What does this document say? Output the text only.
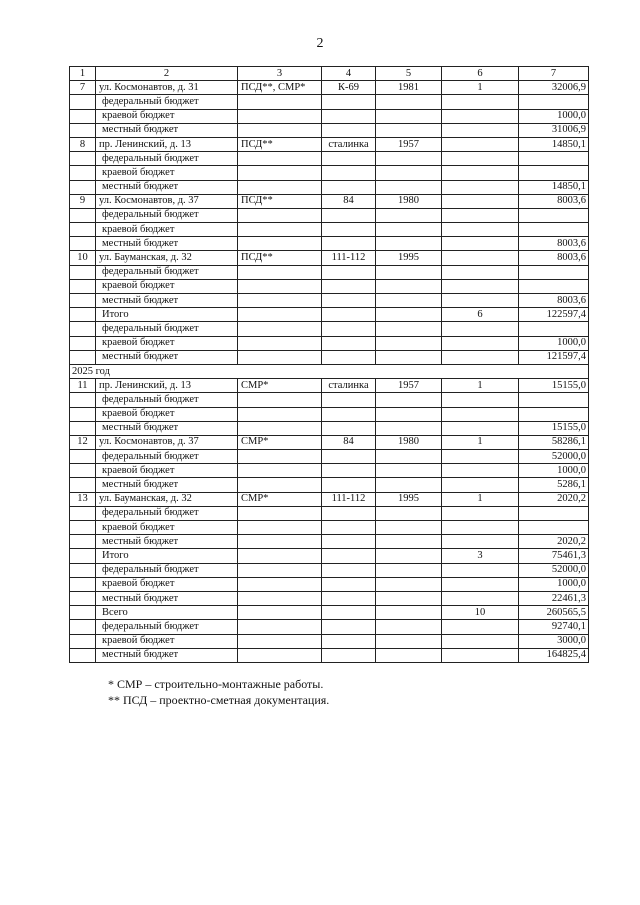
2
1	2	3	4	5	6	7
7	ул. Космонавтов, д. 31	ПСД**, СМР*	К-69	1981	1	32006,9
	федеральный бюджет					
	краевой бюджет					1000,0
	местный бюджет					31006,9
8	пр. Ленинский, д. 13	ПСД**	сталинка	1957		14850,1
	федеральный бюджет					
	краевой бюджет					
	местный бюджет					14850,1
9	ул. Космонавтов, д. 37	ПСД**	84	1980		8003,6
	федеральный бюджет					
	краевой бюджет					
	местный бюджет					8003,6
10	ул. Бауманская, д. 32	ПСД**	111-112	1995		8003,6
	федеральный бюджет					
	краевой бюджет					
	местный бюджет					8003,6
	Итого				6	122597,4
	федеральный бюджет					
	краевой бюджет					1000,0
	местный бюджет					121597,4
2025 год						
11	пр. Ленинский, д. 13	СМР*	сталинка	1957	1	15155,0
	федеральный бюджет					
	краевой бюджет					
	местный бюджет					15155,0
12	ул. Космонавтов, д. 37	СМР*	84	1980	1	58286,1
	федеральный бюджет					52000,0
	краевой бюджет					1000,0
	местный бюджет					5286,1
13	ул. Бауманская, д. 32	СМР*	111-112	1995	1	2020,2
	федеральный бюджет					
	краевой бюджет					
	местный бюджет					2020,2
	Итого				3	75461,3
	федеральный бюджет					52000,0
	краевой бюджет					1000,0
	местный бюджет					22461,3
	Всего				10	260565,5
	федеральный бюджет					92740,1
	краевой бюджет					3000,0
	местный бюджет					164825,4
* СМР – строительно-монтажные работы.
** ПСД – проектно-сметная документация.
